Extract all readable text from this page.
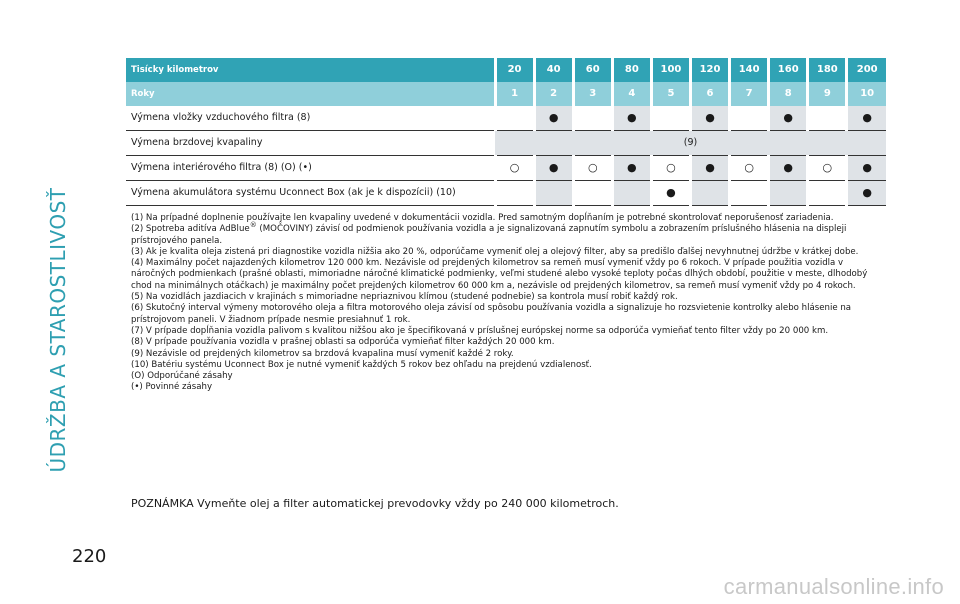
ÚDRŽBA A STAROSTLIVOSŤ
Tisícky kilometrov	20	40	60	80	100	120	140	160	180	200
Roky	1	2	3	4	5	6	7	8	9	10
Výmena vložky vzduchového filtra (8)		●		●		●		●		●
Výmena brzdovej kvapaliny	(9)									
Výmena interiérového filtra (8) (O) (•)	○	●	○	●	○	●	○	●	○	●
Výmena akumulátora systému Uconnect Box (ak je k dispozícii) (10)					●					●

(1) Na prípadné doplnenie používajte len kvapaliny uvedené v dokumentácii vozidla. Pred samotným dopĺňaním je potrebné skontrolovať neporušenosť zariadenia.

(2) Spotreba aditíva AdBlue® (MOČOVINY) závisí od podmienok používania vozidla a je signalizovaná zapnutím symbolu a zobrazením príslušného hlásenia na displeji prístrojového panela.

(3) Ak je kvalita oleja zistená pri diagnostike vozidla nižšia ako 20 %, odporúčame vymeniť olej a olejový filter, aby sa predišlo ďalšej nevyhnutnej údržbe v krátkej dobe.

(4) Maximálny počet najazdených kilometrov 120 000 km. Nezávisle od prejdených kilometrov sa remeň musí vymeniť vždy po 6 rokoch. V prípade použitia vozidla v náročných podmienkach (prašné oblasti, mimoriadne náročné klimatické podmienky, veľmi studené alebo vysoké teploty počas dlhých období, použitie v meste, dlhodobý chod na minimálnych otáčkach) je maximálny počet prejdených kilometrov 60 000 km a, nezávisle od prejdených kilometrov, sa remeň musí vymeniť vždy po 4 rokoch.

(5) Na vozidlách jazdiacich v krajinách s mimoriadne nepriaznivou klímou (studené podnebie) sa kontrola musí robiť každý rok.

(6) Skutočný interval výmeny motorového oleja a filtra motorového oleja závisí od spôsobu používania vozidla a signalizuje ho rozsvietenie kontrolky alebo hlásenie na prístrojovom paneli. V žiadnom prípade nesmie presiahnuť 1 rok.

(7) V prípade dopĺňania vozidla palivom s kvalitou nižšou ako je špecifikovaná v príslušnej európskej norme sa odporúča vymieňať tento filter vždy po 20 000 km.

(8) V prípade používania vozidla v prašnej oblasti sa odporúča vymieňať filter každých 20 000 km.

(9) Nezávisle od prejdených kilometrov sa brzdová kvapalina musí vymeniť každé 2 roky.

(10) Batériu systému Uconnect Box je nutné vymeniť každých 5 rokov bez ohľadu na prejdenú vzdialenosť.

(O) Odporúčané zásahy

(•) Povinné zásahy

POZNÁMKA Vymeňte olej a filter automatickej prevodovky vždy po 240 000 kilometroch.
220
carmanualsonline.info
